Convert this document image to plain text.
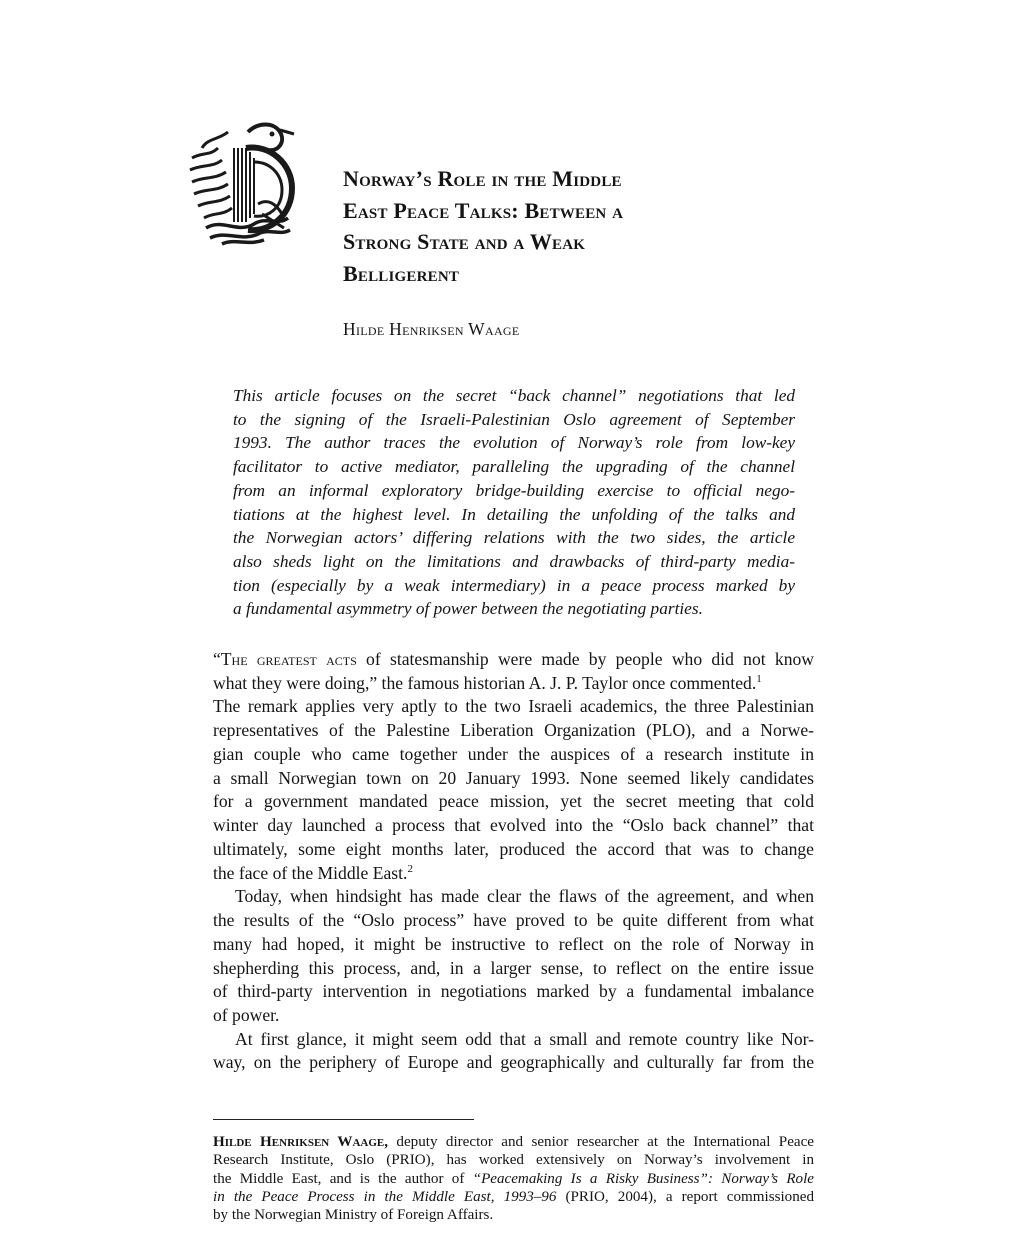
Norway’s Role in the Middle
East Peace Talks: Between a
Strong State and a Weak
Belligerent
Hilde Henriksen Waage
This article focuses on the secret “back channel” negotiations that led
to the signing of the Israeli-Palestinian Oslo agreement of September
1993. The author traces the evolution of Norway’s role from low-key
facilitator to active mediator, paralleling the upgrading of the channel
from an informal exploratory bridge-building exercise to official nego-
tiations at the highest level. In detailing the unfolding of the talks and
the Norwegian actors’ differing relations with the two sides, the article
also sheds light on the limitations and drawbacks of third-party media-
tion (especially by a weak intermediary) in a peace process marked by
a fundamental asymmetry of power between the negotiating parties.
“The greatest acts of statesmanship were made by people who did not know
what they were doing,” the famous historian A. J. P. Taylor once commented.$^1$
The remark applies very aptly to the two Israeli academics, the three Palestinian
representatives of the Palestine Liberation Organization (PLO), and a Norwe-
gian couple who came together under the auspices of a research institute in
a small Norwegian town on 20 January 1993. None seemed likely candidates
for a government mandated peace mission, yet the secret meeting that cold
winter day launched a process that evolved into the “Oslo back channel” that
ultimately, some eight months later, produced the accord that was to change
the face of the Middle East.$^2$
Today, when hindsight has made clear the flaws of the agreement, and when
the results of the “Oslo process” have proved to be quite different from what
many had hoped, it might be instructive to reflect on the role of Norway in
shepherding this process, and, in a larger sense, to reflect on the entire issue
of third-party intervention in negotiations marked by a fundamental imbalance
of power.
At first glance, it might seem odd that a small and remote country like Nor-
way, on the periphery of Europe and geographically and culturally far from the
Hilde Henriksen Waage, deputy director and senior researcher at the International Peace
Research Institute, Oslo (PRIO), has worked extensively on Norway’s involvement in
the Middle East, and is the author of “Peacemaking Is a Risky Business”: Norway’s Role
in the Peace Process in the Middle East, 1993–96 (PRIO, 2004), a report commissioned
by the Norwegian Ministry of Foreign Affairs.
